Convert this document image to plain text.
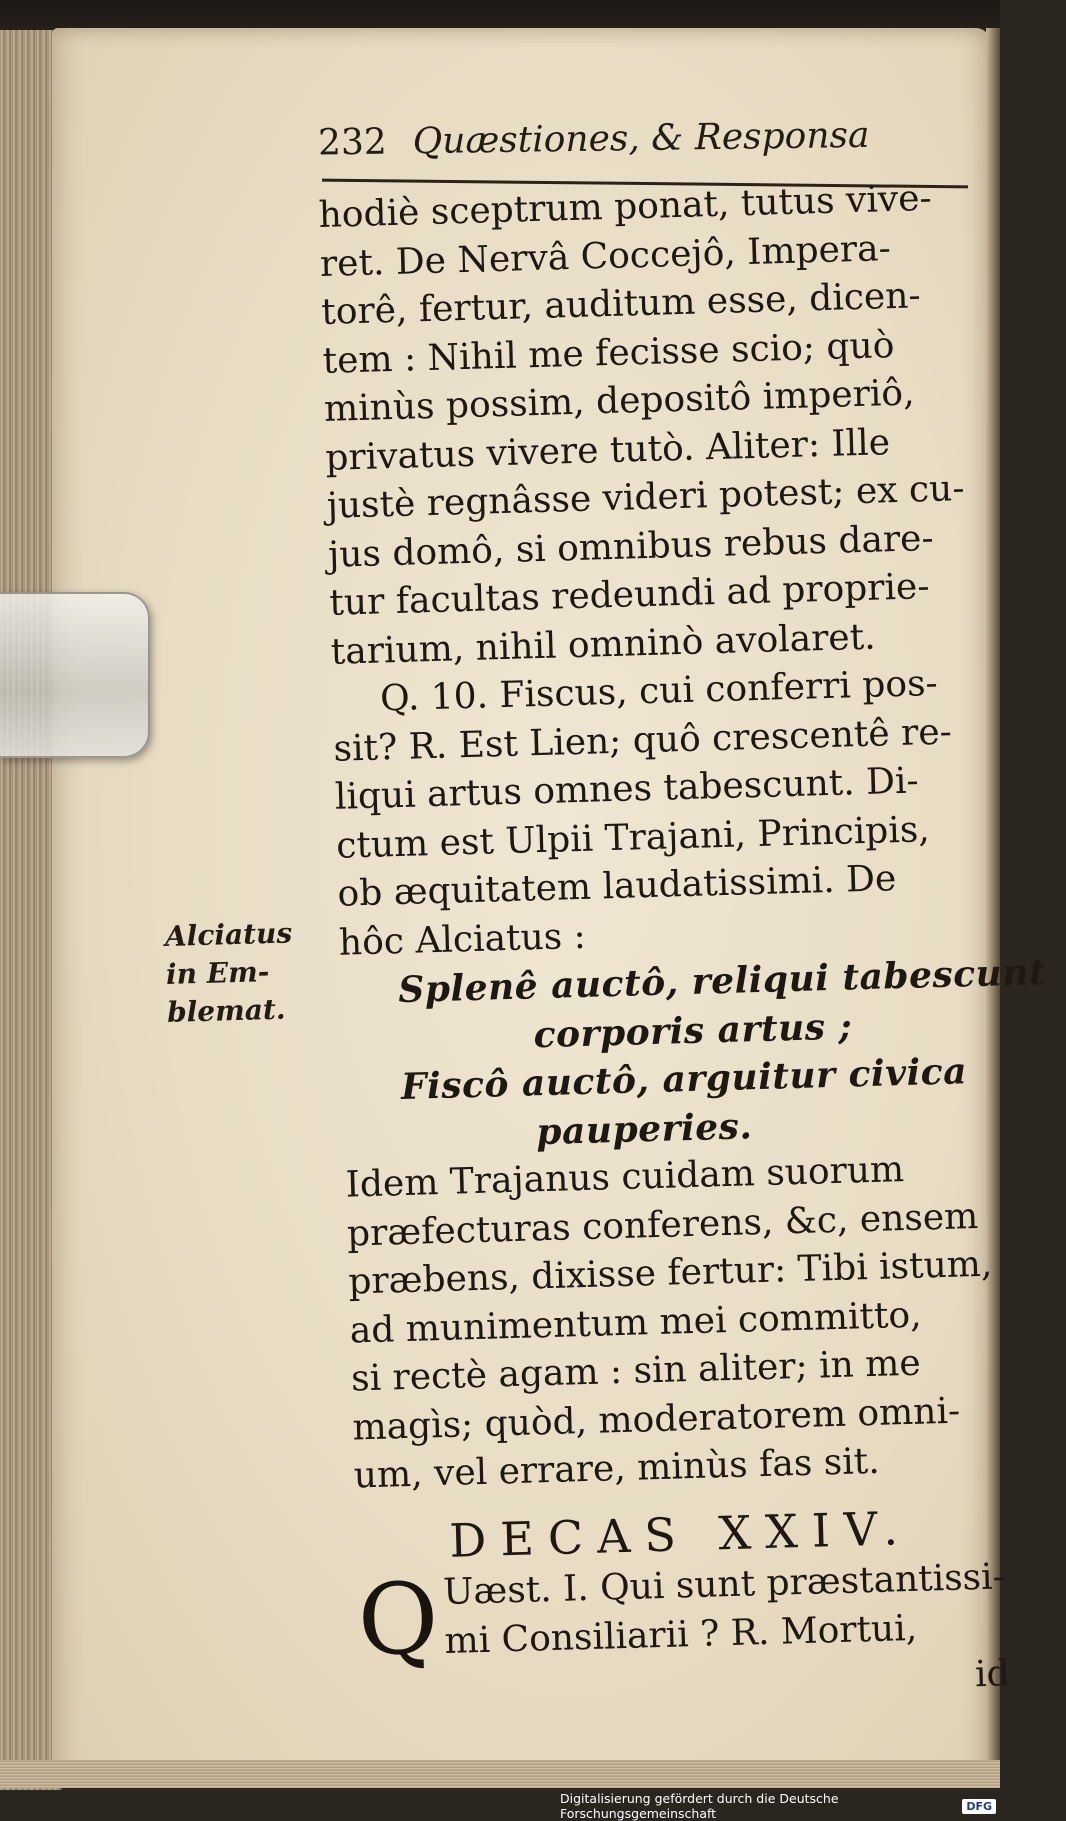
232 Quæstiones, & Responsa
Alciatus
in Em-
blemat.
hodiè sceptrum ponat, tutus vive-
ret. De Nervâ Coccejô, Impera-
torê, fertur, auditum esse, dicen-
tem : Nihil me fecisse scio; quò
minùs possim, depositô imperiô,
privatus vivere tutò. Aliter: Ille
justè regnâsse videri potest; ex cu-
jus domô, si omnibus rebus dare-
tur facultas redeundi ad proprie-
tarium, nihil omninò avolaret.
Q. 10. Fiscus, cui conferri pos-
sit? R. Est Lien; quô crescentê re-
liqui artus omnes tabescunt. Di-
ctum est Ulpii Trajani, Principis,
ob æquitatem laudatissimi. De
hôc Alciatus :
Splenê auctô, reliqui tabescunt
corporis artus ;
Fiscô auctô, arguitur civica
pauperies.
Idem Trajanus cuidam suorum
præfecturas conferens, &c, ensem
præbens, dixisse fertur: Tibi istum,
ad munimentum mei committo,
si rectè agam : sin aliter; in me
magìs; quòd, moderatorem omni-
um, vel errare, minùs fas sit.
DECAS XXIV.
Q Uæst. I. Qui sunt præstantissi-
mi Consiliarii ? R. Mortui,
id
Digitalisierung gefördert durch die Deutsche Forschungsgemeinschaft	DFG
